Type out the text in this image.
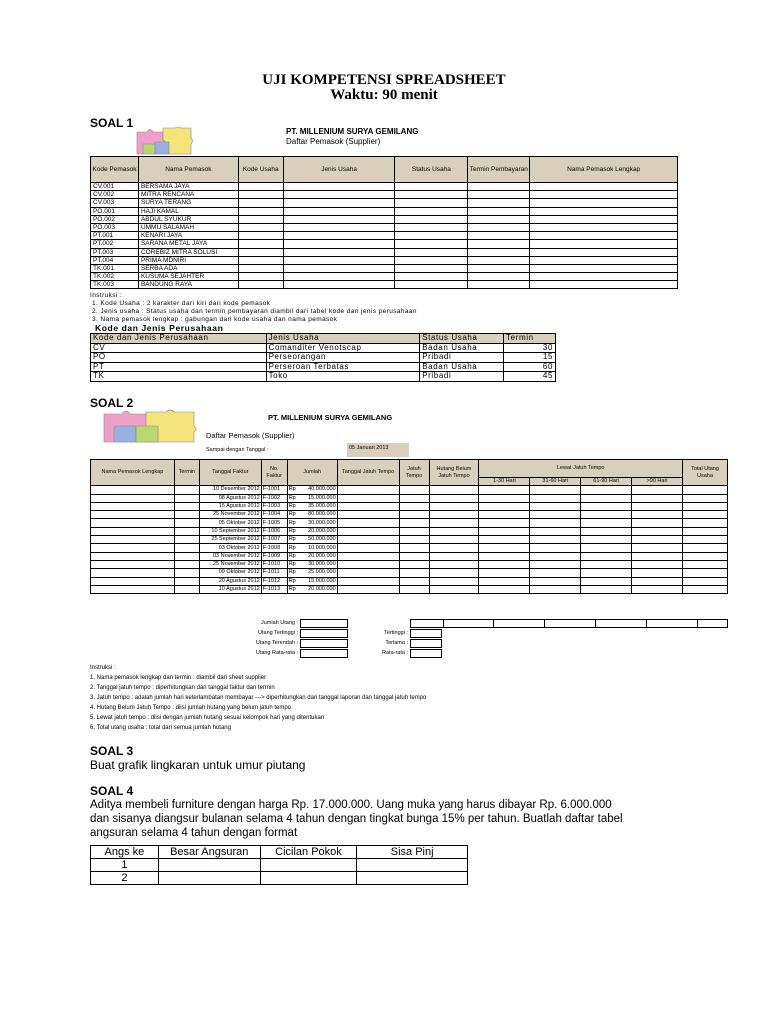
UJI KOMPETENSI SPREADSHEET
Waktu: 90 menit
SOAL 1
PT. MILLENIUM SURYA GEMILANG
Daftar Pemasok (Supplier)
Kode Pemasok	Nama Pemasok	Kode Usaha	Jenis Usaha	Status Usaha	Termin Pembayaran	Nama Pemasok Lengkap
CV.001	BERSAMA JAYA					
CV.002	MITRA RENCANA					
CV.003	SURYA TERANG					
PO.001	HAJI KAMAL					
PO.002	ABDUL SYUKUR					
PO.003	UMMU SALAMAH					
PT.001	KENARI JAYA					
PT.002	SARANA METAL JAYA					
PT.003	COREBIZ MITRA SOLUSI					
PT.004	PRIMA MDNIRI					
TK.001	SERBA ADA					
TK.002	KUSUMA SEJAHTER					
TK.003	BANDUNG RAYA					
Instruksi :
1. Kode Usaha : 2 karakter dari kiri dari kode pemasok
2. Jenis usaha : Status usaha dan termin pembayaran diambil dari tabel kode dan jenis perusahaan
3. Nama pemasok lengkap : gabungan dari kode usaha dan nama pemasok
Kode dan Jenis Perusahaan
Kode dan Jenis Perusahaan	Jenis Usaha	Status Usaha	Termin
CV	Comanditer Venotscap	Badan Usaha	30
PO	Perseorangan	Pribadi	15
PT	Perseroan Terbatas	Badan Usaha	60
TK	Toko	Pribadi	45
SOAL 2
PT. MILLENIUM SURYA GEMILANG
Daftar Pemasok (Supplier)
Sampai dengan Tanggal :	05 Januari 2013
Nama Pemasok Lengkap	Termin	Tanggal Faktur	No. Faktur	Jumlah	Tanggal Jatuh Tempo	Jatuh Tempo	Hutang Belum Jatuh Tempo	Lewat Jatuh Tempo				Total Utang Usaha
								1-30 Hari	31-60 Hari	61-90 Hari	>90 Hari	
		10 Desember 2012	F-1001	Rp 40.000.000								

		08 Agustus 2012	F-1002	Rp 15.000.000								

		15 Agustus 2012	F-1003	Rp 35.000.000								

		25 November 2012	F-1004	Rp 80.000.000								

		05 Oktober 2012	F-1005	Rp 30.000.000								

		10 September 2012	F-1006	Rp 20.000.000								

		25 September 2012	F-1007	Rp 50.000.000								

		03 Oktober 2012	F-1008	Rp 10.000.000								

		03 November 2012	F-1009	Rp 20.000.000								

		25 November 2012	F-1010	Rp 30.000.000								

		09 Oktober 2012	F-1011	Rp 25.000.000								

		20 Agustus 2012	F-1012	Rp 15.000.000								

		10 Agustus 2012	F-1013	Rp 20.000.000								

Jumlah Utang :
Utang Tertinggi :
Utang Terendah :
Utang Rata-rata :
Tertinggi :
Terlama :
Rata-rata :
Instruksi :
1. Nama pemasok lengkap dan termin : diambil dari sheet supplier
2. Tanggal jatuh tempo : diperhitungkan dari tanggal faktur dan termin
3. Jatuh tempo : adalah jumlah hari keterlambatan membayar ---> diperhitungkan dari tanggal laporan dan tanggal jatuh tempo
4. Hutang Belum Jatuh Tempo : diisi jumlah hutang yang belum jatuh tempo
5. Lewat jatuh tempo : diisi dengan jumlah hutang sesuai kelompok hari yang ditentukan
6. Total utang usaha : total dari semua jumlah hutang
SOAL 3
Buat grafik lingkaran untuk umur piutang
SOAL 4
Aditya membeli furniture dengan harga Rp. 17.000.000. Uang muka yang harus dibayar Rp. 6.000.000
dan sisanya diangsur bulanan selama 4 tahun dengan tingkat bunga 15% per tahun. Buatlah daftar tabel
angsuran selama 4 tahun dengan format
Angs ke	Besar Angsuran	Cicilan Pokok	Sisa Pinj
1			
2			
